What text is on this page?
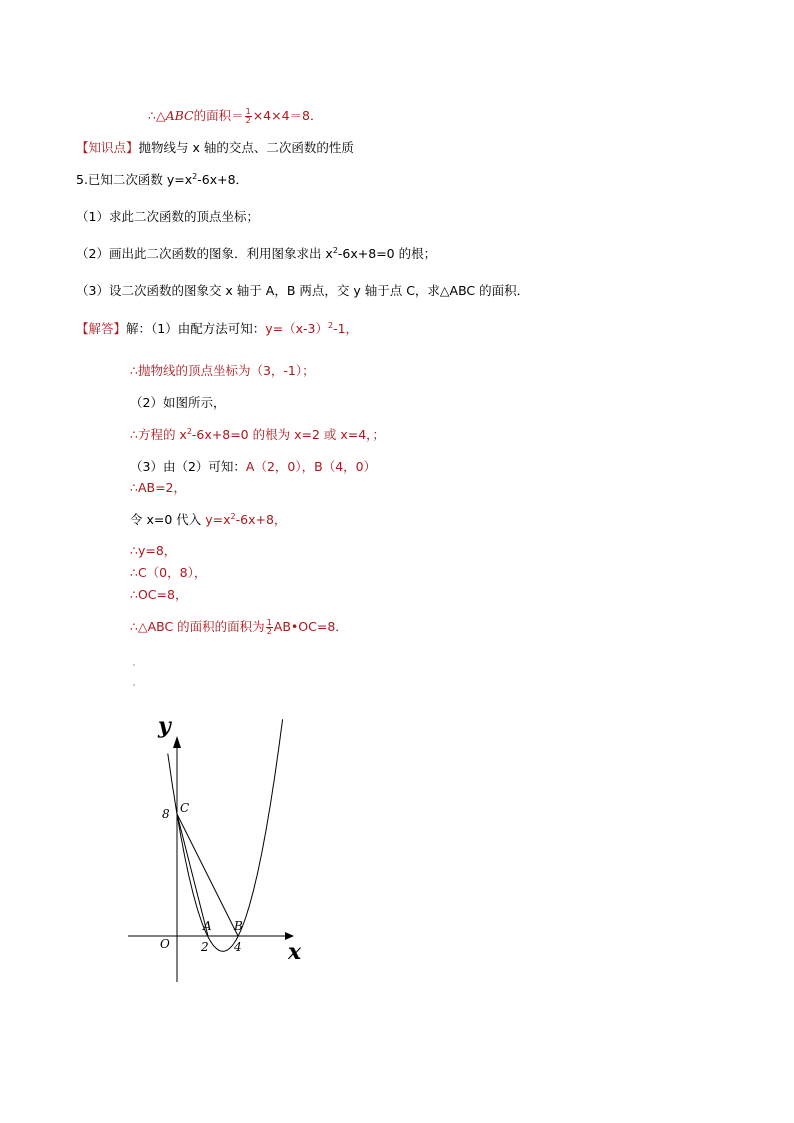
∴△ABC的面积＝ $\frac{1}{2} \times 4\times 4=8$．
【知识点】抛物线与 x 轴的交点、二次函数的性质
5.已知二次函数 $y=x^2-6x+8$．
（1）求此二次函数的顶点坐标；
（2）画出此二次函数的图象．利用图象求出 $x^2-6x+8=0$ 的根；
（3）设二次函数的图象交 x 轴于 A，B 两点，交 y 轴于点 C，求△ABC 的面积．
【解答】解：（1）由配方法可知：$y=(x-3)^2-1$，
∴抛物线的顶点坐标为（3，-1）；
（2）如图所示，
∴方程的 $x^2-6x+8=0$ 的根为 x=2 或 x=4，；
（3）由（2）可知：A（2，0），B（4，0）
∴AB=2，
令 x=0 代入 $y=x^2-6x+8$，
∴y=8，
∴C（0，8），
∴OC=8，
∴△ABC 的面积的面积为 $\frac{1}{2}$ AB•OC=8．
y
x
O
C
8
A B
2 4
